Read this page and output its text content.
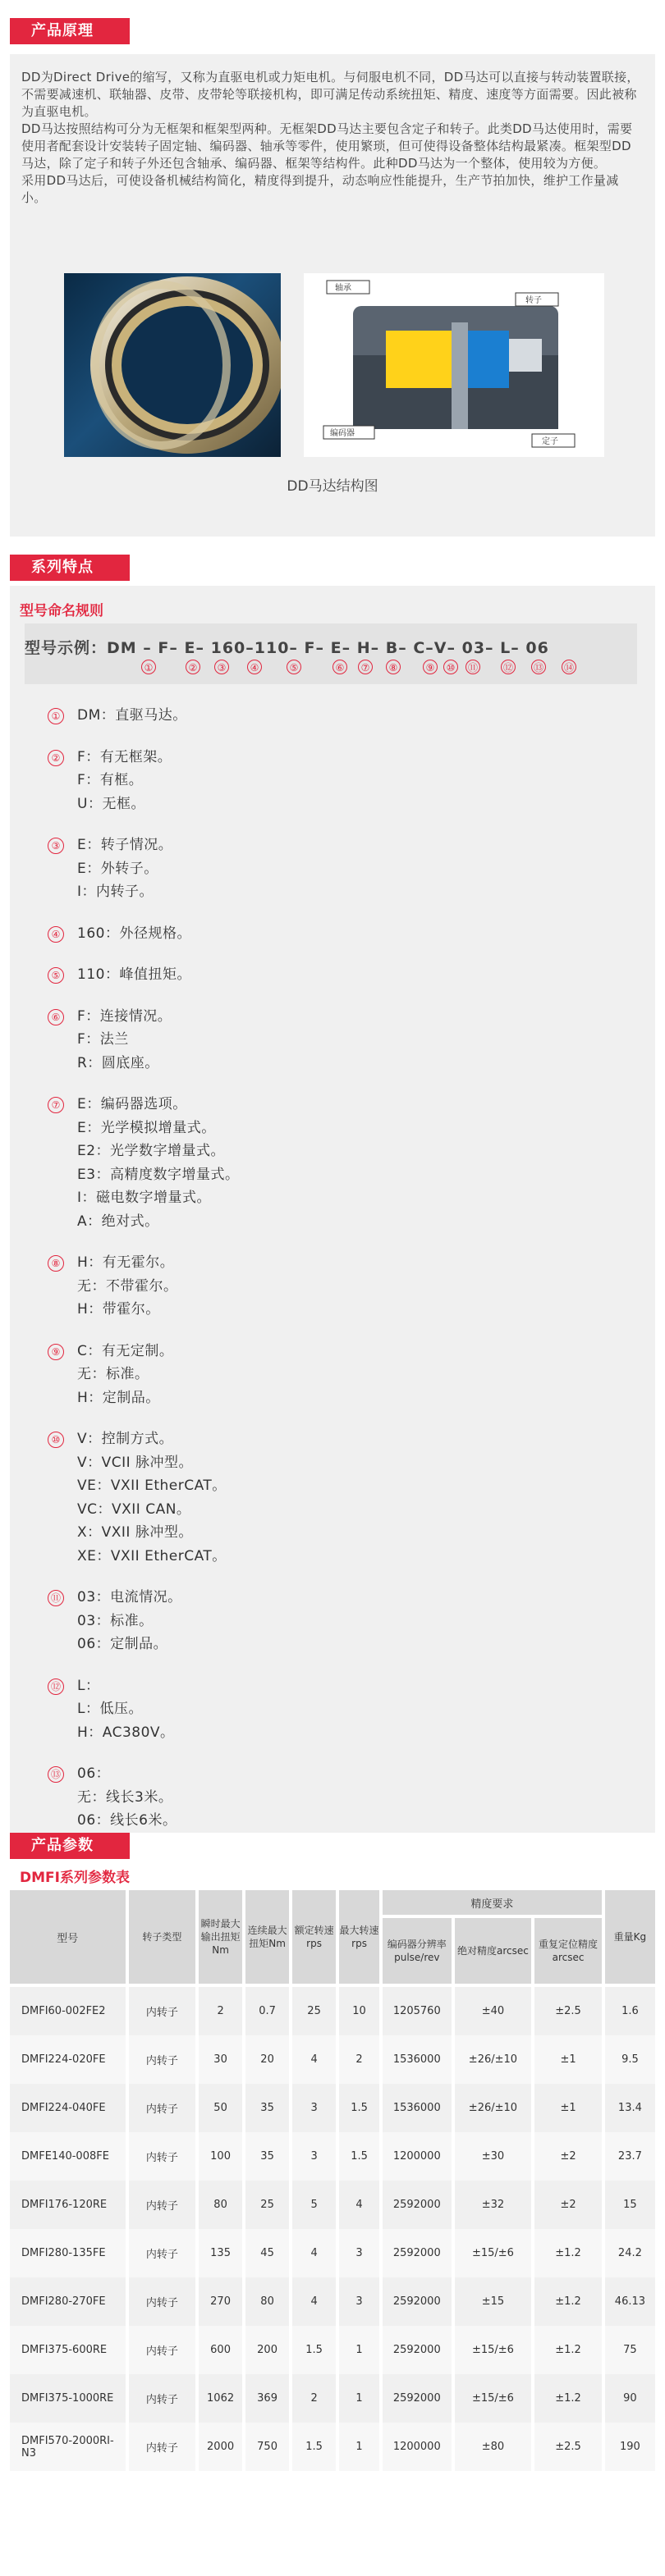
产品原理

DD为Direct Drive的缩写，又称为直驱电机或力矩电机。与伺服电机不同，DD马达可以直接与转动装置联接，不需要减速机、联轴器、皮带、皮带轮等联接机构，即可满足传动系统扭矩、精度、速度等方面需要。因此被称为直驱电机。

DD马达按照结构可分为无框架和框架型两种。无框架DD马达主要包含定子和转子。此类DD马达使用时，需要使用者配套设计安装转子固定轴、编码器、轴承等零件，使用繁琐，但可使得设备整体结构最紧凑。框架型DD马达，除了定子和转子外还包含轴承、编码器、框架等结构件。此种DD马达为一个整体，使用较为方便。

采用DD马达后，可使设备机械结构简化，精度得到提升，动态响应性能提升，生产节拍加快，维护工作量减小。

轴承
转子
编码器
定子
DD马达结构图
系列特点
型号命名规则
型号示例：DM – F– E– 160–110– F– E– H– B– C–V– 03– L– 06
①	②	③	④	⑤	⑥	⑦	⑧	⑨	⑩	⑪	⑫ ⑬ ⑭
①	DM：直驱马达。
②	F：有无框架。
F：有框。
U：无框。
③	E：转子情况。
E：外转子。
I：内转子。
④	160：外径规格。
⑤	110：峰值扭矩。
⑥	F：连接情况。
F：法兰
R：圆底座。
⑦	E：编码器选项。
E：光学模拟增量式。
E2：光学数字增量式。
E3：高精度数字增量式。
I：磁电数字增量式。
A：绝对式。
⑧	H：有无霍尔。
无：不带霍尔。
H：带霍尔。
⑨	C：有无定制。
无：标准。
H：定制品。
⑩	V：控制方式。
V：VCII 脉冲型。
VE：VXII EtherCAT。
VC：VXII CAN。
X：VXII 脉冲型。
XE：VXII EtherCAT。
⑪	03：电流情况。
03：标准。
06：定制品。
⑫	L：
L：低压。
H：AC380V。
⑬	06：
无：线长3米。
06：线长6米。
产品参数
DMFI系列参数表
型号	转子类型	瞬时最大输出扭矩Nm	连续最大扭矩Nm	额定转速rps	最大转速rps	精度要求			重量Kg

						编码器分辨率pulse/rev	绝对精度arcsec	重复定位精度arcsec	

DMFI60-002FE2	内转子	2	0.7	25	10	1205760	±40	±2.5	1.6
DMFI224-020FE	内转子	30	20	4	2	1536000	±26/±10	±1	9.5
DMFI224-040FE	内转子	50	35	3	1.5	1536000	±26/±10	±1	13.4
DMFE140-008FE	内转子	100	35	3	1.5	1200000	±30	±2	23.7
DMFI176-120RE	内转子	80	25	5	4	2592000	±32	±2	15
DMFI280-135FE	内转子	135	45	4	3	2592000	±15/±6	±1.2	24.2
DMFI280-270FE	内转子	270	80	4	3	2592000	±15	±1.2	46.13
DMFI375-600RE	内转子	600	200	1.5	1	2592000	±15/±6	±1.2	75
DMFI375-1000RE	内转子	1062	369	2	1	2592000	±15/±6	±1.2	90
DMFI570-2000RI-N3	内转子	2000	750	1.5	1	1200000	±80	±2.5	190
